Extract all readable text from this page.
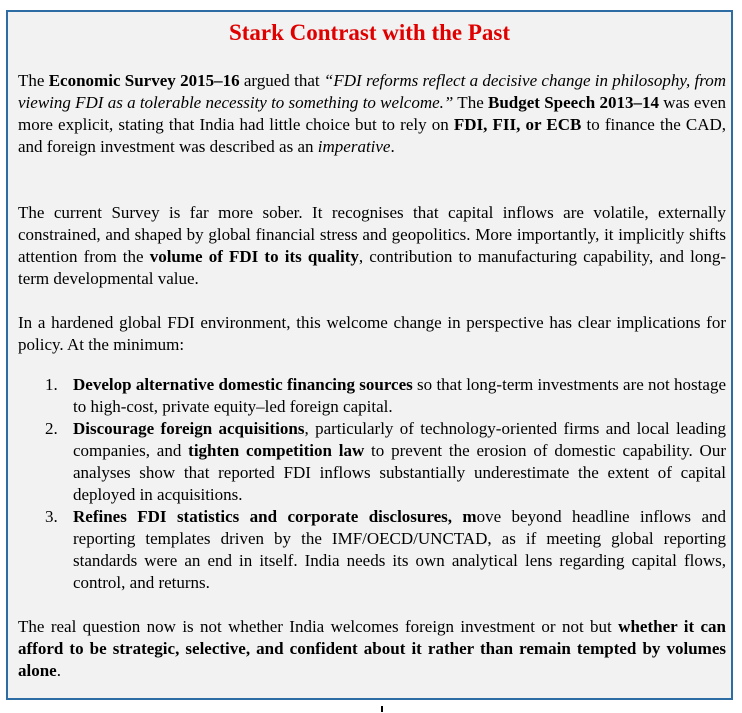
Stark Contrast with the Past

The Economic Survey 2015–16 argued that “FDI reforms reflect a decisive change in philosophy, from viewing FDI as a tolerable necessity to something to welcome.” The Budget Speech 2013–14 was even more explicit, stating that India had little choice but to rely on FDI, FII, or ECB to finance the CAD, and foreign investment was described as an imperative.

The current Survey is far more sober. It recognises that capital inflows are volatile, externally constrained, and shaped by global financial stress and geopolitics. More importantly, it implicitly shifts attention from the volume of FDI to its quality, contribution to manufacturing capability, and long-term developmental value.

In a hardened global FDI environment, this welcome change in perspective has clear implications for policy. At the minimum:

1. Develop alternative domestic financing sources so that long-term investments are not hostage to high-cost, private equity–led foreign capital.
2. Discourage foreign acquisitions, particularly of technology-oriented firms and local leading companies, and tighten competition law to prevent the erosion of domestic capability. Our analyses show that reported FDI inflows substantially underestimate the extent of capital deployed in acquisitions.
3. Refines FDI statistics and corporate disclosures, move beyond headline inflows and reporting templates driven by the IMF/OECD/UNCTAD, as if meeting global reporting standards were an end in itself. India needs its own analytical lens regarding capital flows, control, and returns.

The real question now is not whether India welcomes foreign investment or not but whether it can afford to be strategic, selective, and confident about it rather than remain tempted by volumes alone.
